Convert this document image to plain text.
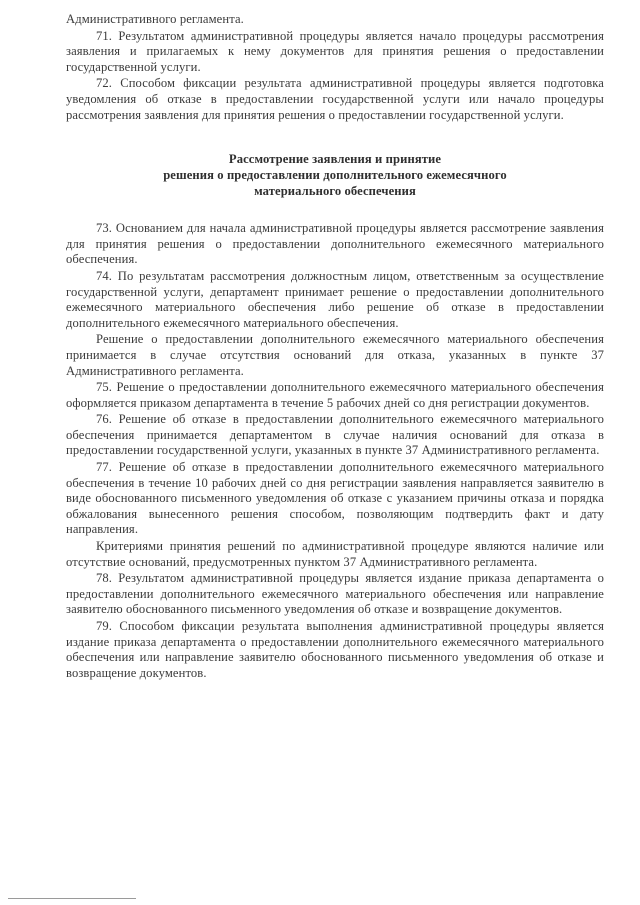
Административного регламента.

71. Результатом административной процедуры является начало процедуры рассмотрения заявления и прилагаемых к нему документов для принятия решения о предоставлении государственной услуги.

72. Способом фиксации результата административной процедуры является подготовка уведомления об отказе в предоставлении государственной услуги или начало процедуры рассмотрения заявления для принятия решения о предоставлении государственной услуги.

Рассмотрение заявления и принятие
решения о предоставлении дополнительного ежемесячного
материального обеспечения

73. Основанием для начала административной процедуры является рассмотрение заявления для принятия решения о предоставлении дополнительного ежемесячного материального обеспечения.

74. По результатам рассмотрения должностным лицом, ответственным за осуществление государственной услуги, департамент принимает решение о предоставлении дополнительного ежемесячного материального обеспечения либо решение об отказе в предоставлении дополнительного ежемесячного материального обеспечения.

Решение о предоставлении дополнительного ежемесячного материального обеспечения принимается в случае отсутствия оснований для отказа, указанных в пункте 37 Административного регламента.

75. Решение о предоставлении дополнительного ежемесячного материального обеспечения оформляется приказом департамента в течение 5 рабочих дней со дня регистрации документов.

76. Решение об отказе в предоставлении дополнительного ежемесячного материального обеспечения принимается департаментом в случае наличия оснований для отказа в предоставлении государственной услуги, указанных в пункте 37 Административного регламента.

77. Решение об отказе в предоставлении дополнительного ежемесячного материального обеспечения в течение 10 рабочих дней со дня регистрации заявления направляется заявителю в виде обоснованного письменного уведомления об отказе с указанием причины отказа и порядка обжалования вынесенного решения способом, позволяющим подтвердить факт и дату направления.

Критериями принятия решений по административной процедуре являются наличие или отсутствие оснований, предусмотренных пунктом 37 Административного регламента.

78. Результатом административной процедуры является издание приказа департамента о предоставлении дополнительного ежемесячного материального обеспечения или направление заявителю обоснованного письменного уведомления об отказе и возвращение документов.

79. Способом фиксации результата выполнения административной процедуры является издание приказа департамента о предоставлении дополнительного ежемесячного материального обеспечения или направление заявителю обоснованного письменного уведомления об отказе и возвращение документов.
